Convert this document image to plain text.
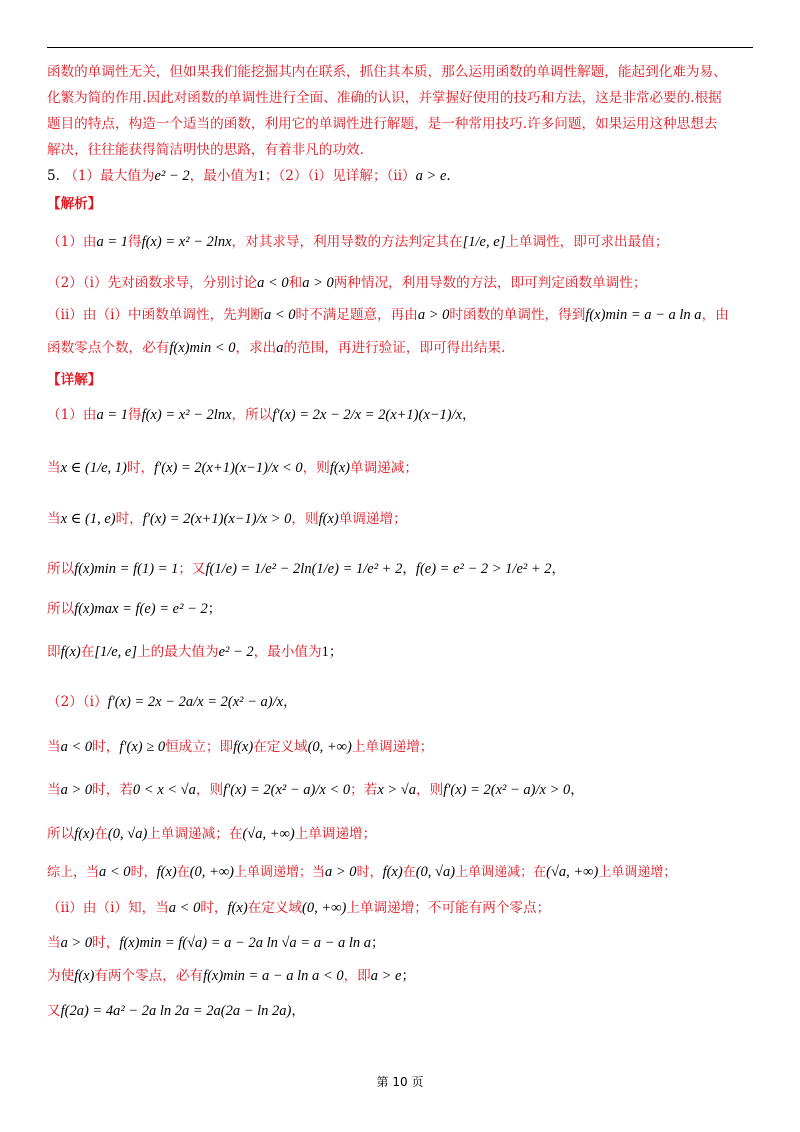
函数的单调性无关，但如果我们能挖掘其内在联系，抓住其本质，那么运用函数的单调性解题，能起到化难为易、
化繁为简的作用.因此对函数的单调性进行全面、准确的认识，并掌握好使用的技巧和方法，这是非常必要的.根据
题目的特点，构造一个适当的函数，利用它的单调性进行解题，是一种常用技巧.许多问题，如果运用这种思想去
解决，往往能获得简洁明快的思路，有着非凡的功效.
5. （1）最大值为e² − 2，最小值为1；（2）（i）见详解；（ii）a > e.
【解析】
（1）由a = 1得f(x) = x² − 2lnx，对其求导，利用导数的方法判定其在[1/e, e]上单调性，即可求出最值；
（2）（i）先对函数求导，分别讨论a < 0和a > 0两种情况，利用导数的方法，即可判定函数单调性；
（ii）由（i）中函数单调性，先判断a < 0时不满足题意，再由a > 0时函数的单调性，得到f(x)min = a − a ln a，由
函数零点个数，必有f(x)min < 0，求出a的范围，再进行验证，即可得出结果.
【详解】
（1）由a = 1得f(x) = x² − 2lnx，所以f′(x) = 2x − 2/x = 2(x+1)(x−1)/x，
当x ∈ (1/e, 1)时，f′(x) = 2(x+1)(x−1)/x < 0，则f(x)单调递减；
当x ∈ (1, e)时，f′(x) = 2(x+1)(x−1)/x > 0，则f(x)单调递增；
所以f(x)min = f(1) = 1；又f(1/e) = 1/e² − 2ln(1/e) = 1/e² + 2，f(e) = e² − 2 > 1/e² + 2，
所以f(x)max = f(e) = e² − 2；
即f(x)在[1/e, e]上的最大值为e² − 2，最小值为1；
（2）（i）f′(x) = 2x − 2a/x = 2(x² − a)/x，
当a < 0时，f′(x) ≥ 0恒成立；即f(x)在定义域(0, +∞)上单调递增；
当a > 0时，若0 < x < √a，则f′(x) = 2(x² − a)/x < 0；若x > √a，则f′(x) = 2(x² − a)/x > 0，
所以f(x)在(0, √a)上单调递减；在(√a, +∞)上单调递增；
综上，当a < 0时，f(x)在(0, +∞)上单调递增；当a > 0时，f(x)在(0, √a)上单调递减；在(√a, +∞)上单调递增；
（ii）由（i）知，当a < 0时，f(x)在定义域(0, +∞)上单调递增；不可能有两个零点；
当a > 0时，f(x)min = f(√a) = a − 2a ln √a = a − a ln a；
为使f(x)有两个零点，必有f(x)min = a − a ln a < 0，即a > e；
又f(2a) = 4a² − 2a ln 2a = 2a(2a − ln 2a)，
第 10 页
